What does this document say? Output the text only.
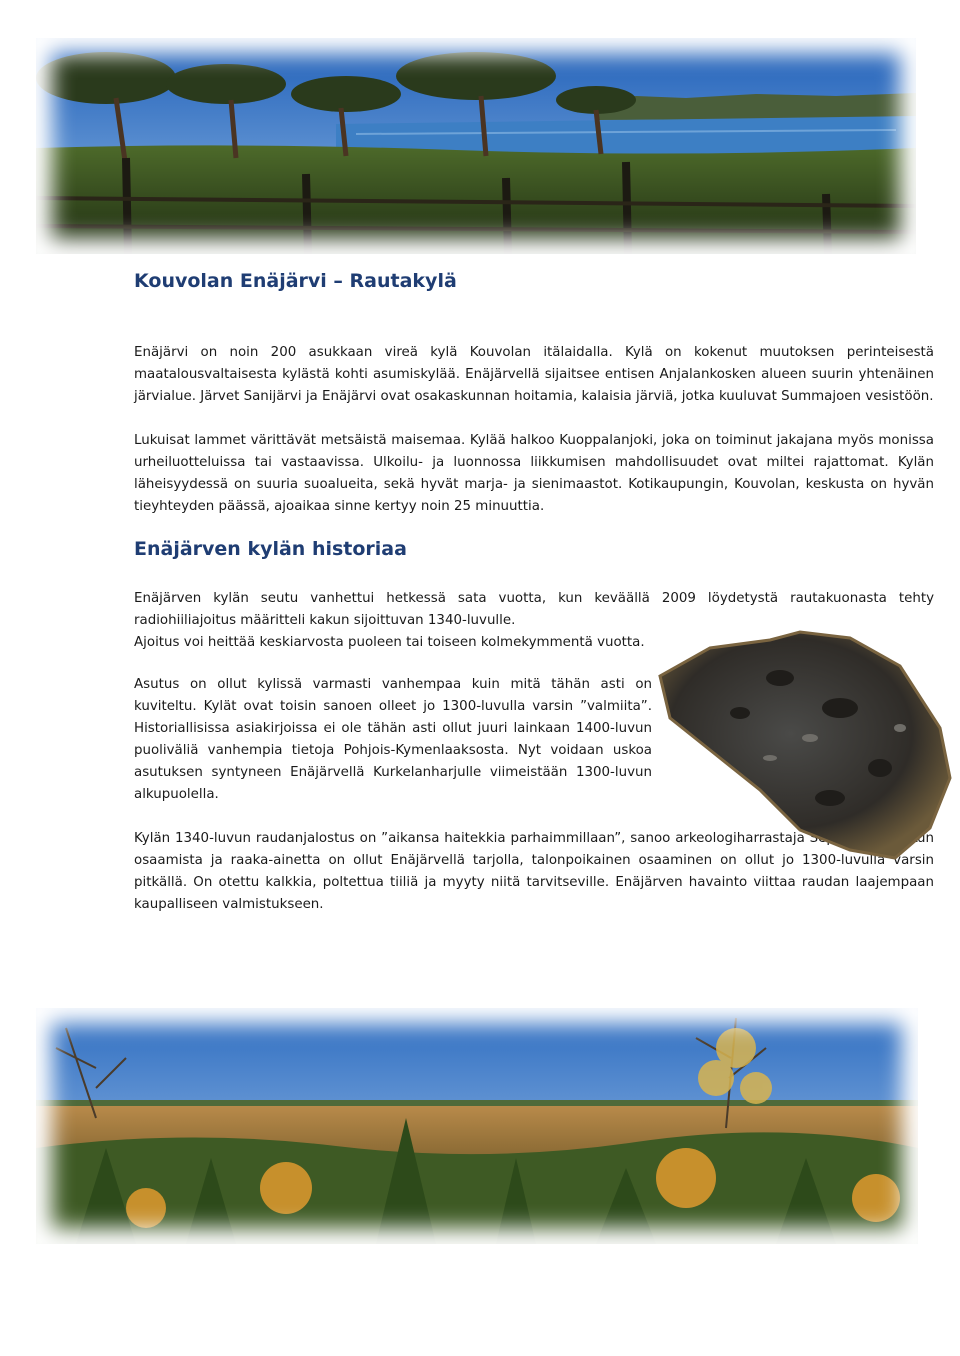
Kouvolan Enäjärvi – Rautakylä

Enäjärvi on noin 200 asukkaan vireä kylä Kouvolan itälaidalla. Kylä on kokenut muutoksen perinteisestä maatalousvaltaisesta kylästä kohti asumiskylää. Enäjärvellä sijaitsee entisen Anjalankosken alueen suurin yhtenäinen järvialue. Järvet Sanijärvi ja Enäjärvi ovat osakaskunnan hoitamia, kalaisia järviä, jotka kuuluvat Summajoen vesistöön.

Lukuisat lammet värittävät metsäistä maisemaa. Kylää halkoo Kuoppalanjoki, joka on toiminut jakajana myös monissa urheiluotteluissa tai vastaavissa. Ulkoilu- ja luonnossa liikkumisen mahdollisuudet ovat miltei rajattomat. Kylän läheisyydessä on suuria suoalueita, sekä hyvät marja- ja sienimaastot. Kotikaupungin, Kouvolan, keskusta on hyvän tieyhteyden päässä, ajoaikaa sinne kertyy noin 25 minuuttia.

Enäjärven kylän historiaa

Enäjärven kylän seutu vanhettui hetkessä sata vuotta, kun keväällä 2009 löydetystä rautakuonasta tehty radiohiiliajoitus määritteli kakun sijoittuvan 1340-luvulle.
Ajoitus voi heittää keskiarvosta puoleen tai toiseen kolmekymmentä vuotta.

Asutus on ollut kylissä varmasti vanhempaa kuin mitä tähän asti on kuviteltu. Kylät ovat toisin sanoen olleet jo 1300-luvulla varsin ”valmiita”. Historiallisissa asiakirjoissa ei ole tähän asti ollut juuri lainkaan 1400-luvun puoliväliä vanhempia tietoja Pohjois-Kymenlaaksosta. Nyt voidaan uskoa asutuksen syntyneen Enäjärvellä Kurkelanharjulle viimeistään 1300-luvun alkupuolella.

Kylän 1340-luvun raudanjalostus on ”aikansa haitekkia parhaimmillaan”, sanoo arkeologiharrastaja Seppo Kallio – Kun osaamista ja raaka-ainetta on ollut Enäjärvellä tarjolla, talonpoikainen osaaminen on ollut jo 1300-luvulla varsin pitkällä. On otettu kalkkia, poltettua tiiliä ja myyty niitä tarvitseville. Enäjärven havainto viittaa raudan laajempaan kaupalliseen valmistukseen.
